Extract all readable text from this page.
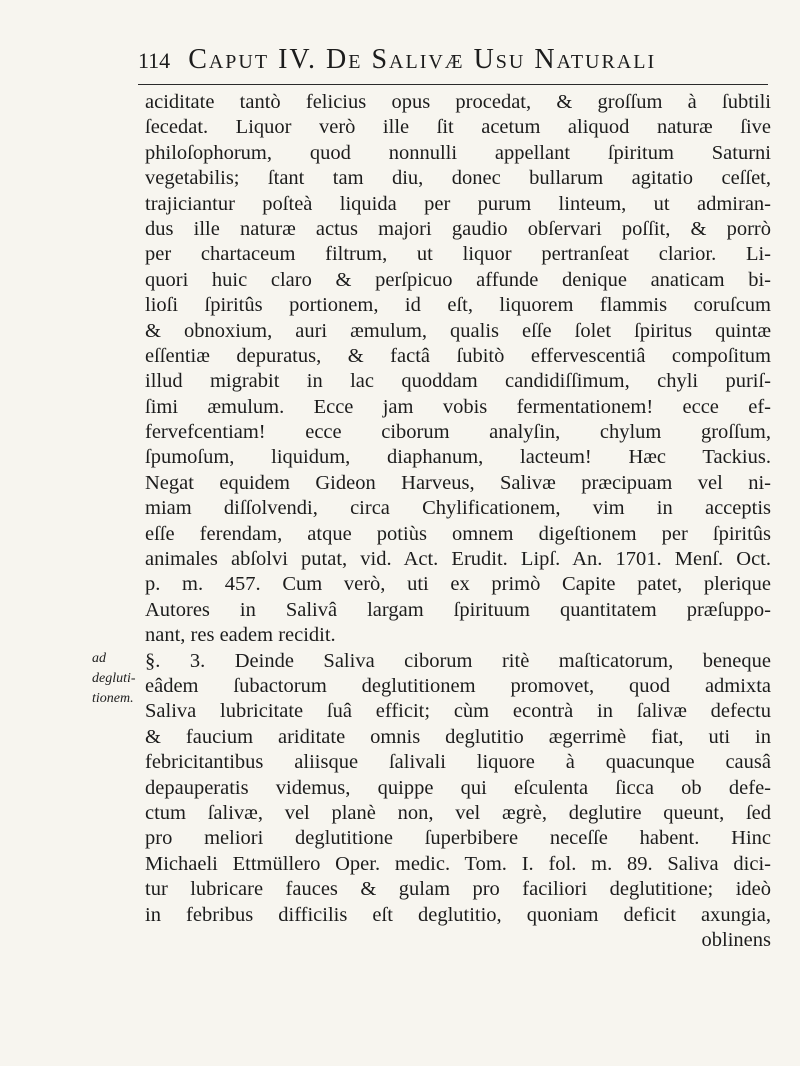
114 Caput IV. De Salivæ Usu Naturali
ad degluti-
tionem.
aciditate tantò felicius opus procedat, & groſſum à ſubtili
ſecedat. Liquor verò ille ſit acetum aliquod naturæ ſive
philoſophorum, quod nonnulli appellant ſpiritum Saturni
vegetabilis; ſtant tam diu, donec bullarum agitatio ceſſet,
trajiciantur poſteà liquida per purum linteum, ut admiran-
dus ille naturæ actus majori gaudio obſervari poſſit, & porrò
per chartaceum filtrum, ut liquor pertranſeat clarior. Li-
quori huic claro & perſpicuo affunde denique anaticam bi-
lioſi ſpiritûs portionem, id eſt, liquorem flammis coruſcum
& obnoxium, auri æmulum, qualis eſſe ſolet ſpiritus quintæ
eſſentiæ depuratus, & factâ ſubitò effervescentiâ compoſitum
illud migrabit in lac quoddam candidiſſimum, chyli puriſ-
ſimi æmulum. Ecce jam vobis fermentationem! ecce ef-
fervefcentiam! ecce ciborum analyſin, chylum groſſum,
ſpumoſum, liquidum, diaphanum, lacteum! Hæc Tackius.
Negat equidem Gideon Harveus, Salivæ præcipuam vel ni-
miam diſſolvendi, circa Chylificationem, vim in acceptis
eſſe ferendam, atque potiùs omnem digeſtionem per ſpiritûs
animales abſolvi putat, vid. Act. Erudit. Lipſ. An. 1701. Menſ. Oct.
p. m. 457. Cum verò, uti ex primò Capite patet, plerique
Autores in Salivâ largam ſpirituum quantitatem præſuppo-
nant, res eadem recidit.
§. 3. Deinde Saliva ciborum ritè maſticatorum, beneque
eâdem ſubactorum deglutitionem promovet, quod admixta
Saliva lubricitate ſuâ efficit; cùm econtrà in ſalivæ defectu
& faucium ariditate omnis deglutitio ægerrimè fiat, uti in
febricitantibus aliisque ſalivali liquore à quacunque causâ
depauperatis videmus, quippe qui eſculenta ſicca ob defe-
ctum ſalivæ, vel planè non, vel ægrè, deglutire queunt, ſed
pro meliori deglutitione ſuperbibere neceſſe habent. Hinc
Michaeli Ettmüllero Oper. medic. Tom. I. fol. m. 89. Saliva dici-
tur lubricare fauces & gulam pro faciliori deglutitione; ideò
in febribus difficilis eſt deglutitio, quoniam deficit axungia,
oblinens
